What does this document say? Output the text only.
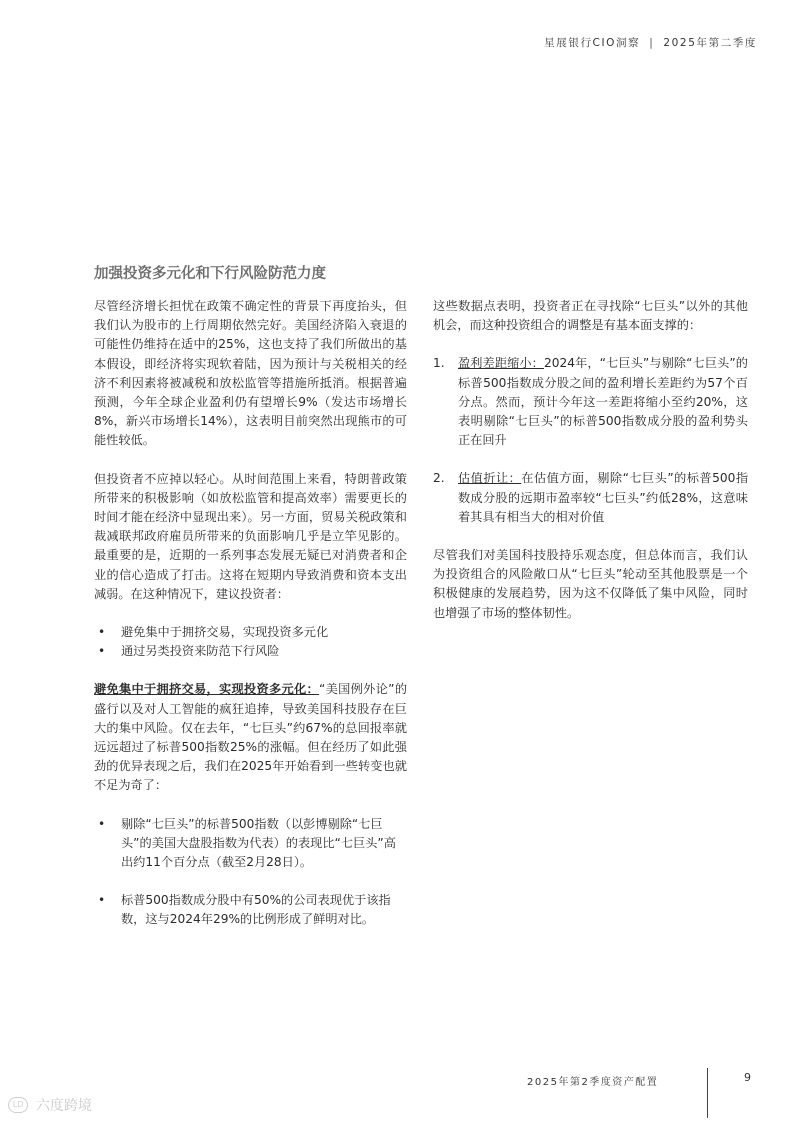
星展银行CIO洞察 | 2025年第二季度
加强投资多元化和下行风险防范力度

尽管经济增长担忧在政策不确定性的背景下再度抬头，但我们认为股市的上行周期依然完好。美国经济陷入衰退的可能性仍维持在适中的25%，这也支持了我们所做出的基本假设，即经济将实现软着陆，因为预计与关税相关的经济不利因素将被减税和放松监管等措施所抵消。根据普遍预测，今年全球企业盈利仍有望增长9%（发达市场增长8%，新兴市场增长14%），这表明目前突然出现熊市的可能性较低。

但投资者不应掉以轻心。从时间范围上来看，特朗普政策所带来的积极影响（如放松监管和提高效率）需要更长的时间才能在经济中显现出来）。另一方面，贸易关税政策和裁减联邦政府雇员所带来的负面影响几乎是立竿见影的。最重要的是，近期的一系列事态发展无疑已对消费者和企业的信心造成了打击。这将在短期内导致消费和资本支出减弱。在这种情况下，建议投资者：

• 避免集中于拥挤交易，实现投资多元化
• 通过另类投资来防范下行风险

避免集中于拥挤交易，实现投资多元化：“美国例外论”的盛行以及对人工智能的疯狂追捧，导致美国科技股存在巨大的集中风险。仅在去年，“七巨头”约67%的总回报率就远远超过了标普500指数25%的涨幅。但在经历了如此强劲的优异表现之后，我们在2025年开始看到一些转变也就不足为奇了：

• 剔除“七巨头”的标普500指数（以彭博剔除“七巨头”的美国大盘股指数为代表）的表现比“七巨头”高出约11个百分点（截至2月28日）。
• 标普500指数成分股中有50%的公司表现优于该指数，这与2024年29%的比例形成了鲜明对比。

这些数据点表明，投资者正在寻找除“七巨头”以外的其他机会，而这种投资组合的调整是有基本面支撑的：

1. 盈利差距缩小：2024年，“七巨头”与剔除“七巨头”的标普500指数成分股之间的盈利增长差距约为57个百分点。然而，预计今年这一差距将缩小至约20%，这表明剔除“七巨头”的标普500指数成分股的盈利势头正在回升
2. 估值折让：在估值方面，剔除“七巨头”的标普500指数成分股的远期市盈率较“七巨头”约低28%，这意味着其具有相当大的相对价值

尽管我们对美国科技股持乐观态度，但总体而言，我们认为投资组合的风险敞口从“七巨头”轮动至其他股票是一个积极健康的发展趋势，因为这不仅降低了集中风险，同时也增强了市场的整体韧性。

2025年第2季度资产配置	9
LD 六度跨境
